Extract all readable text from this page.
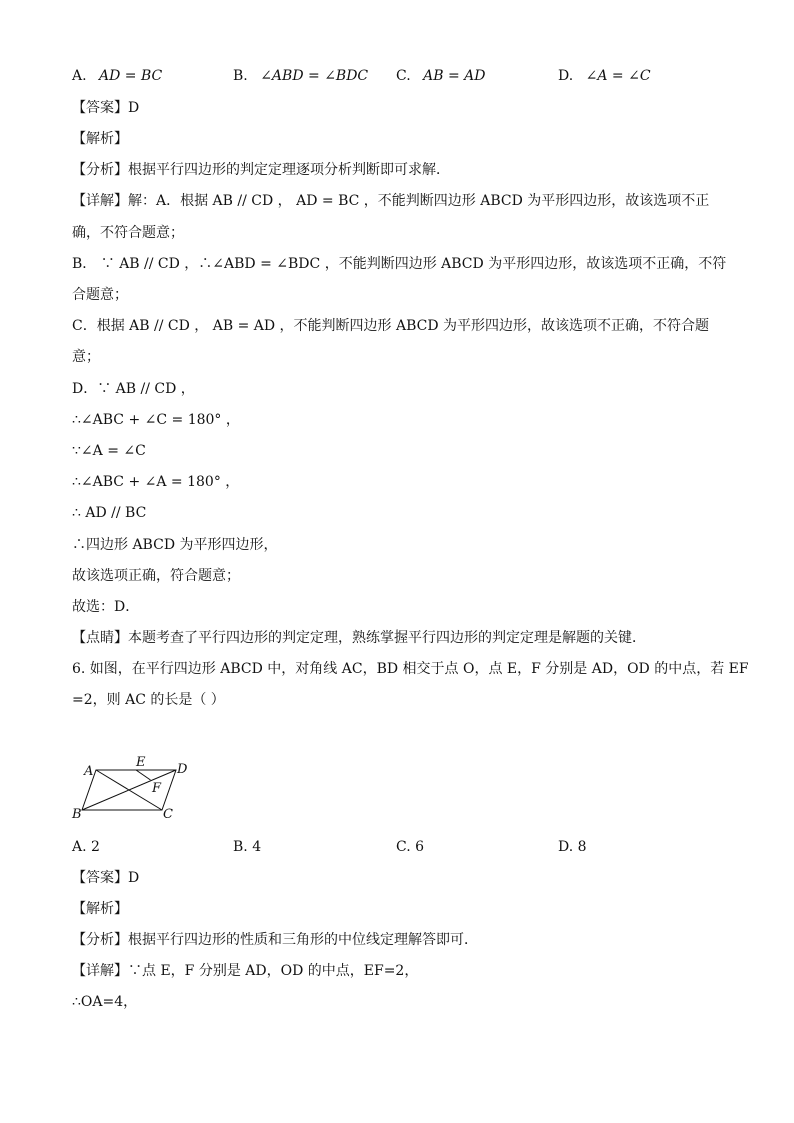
A. AD = BC	B. ∠ABD = ∠BDC C. AB = AD	D. ∠A = ∠C
【答案】D
【解析】
【分析】根据平行四边形的判定定理逐项分析判断即可求解．
【详解】解：A．根据 AB // CD ， AD = BC ，不能判断四边形 ABCD 为平形四边形，故该选项不正
确，不符合题意；
B． ∵ AB // CD ，∴∠ABD = ∠BDC ，不能判断四边形 ABCD 为平形四边形，故该选项不正确，不符
合题意；
C．根据 AB // CD ， AB = AD ，不能判断四边形 ABCD 为平形四边形，故该选项不正确，不符合题
意；
D．∵ AB // CD ，
∴∠ABC + ∠C = 180° ，
∵∠A = ∠C
∴∠ABC + ∠A = 180° ，
∴ AD // BC
∴四边形 ABCD 为平形四边形，
故该选项正确，符合题意；
故选：D．
【点睛】本题考查了平行四边形的判定定理，熟练掌握平行四边形的判定定理是解题的关键．
6. 如图，在平行四边形 ABCD 中，对角线 AC，BD 相交于点 O，点 E，F 分别是 AD，OD 的中点，若 EF
=2，则 AC 的长是（ ）
A
E D
F
B	C
A. 2	B. 4	C. 6	D. 8
【答案】D
【解析】
【分析】根据平行四边形的性质和三角形的中位线定理解答即可．
【详解】∵点 E，F 分别是 AD，OD 的中点，EF=2，
∴OA=4，
